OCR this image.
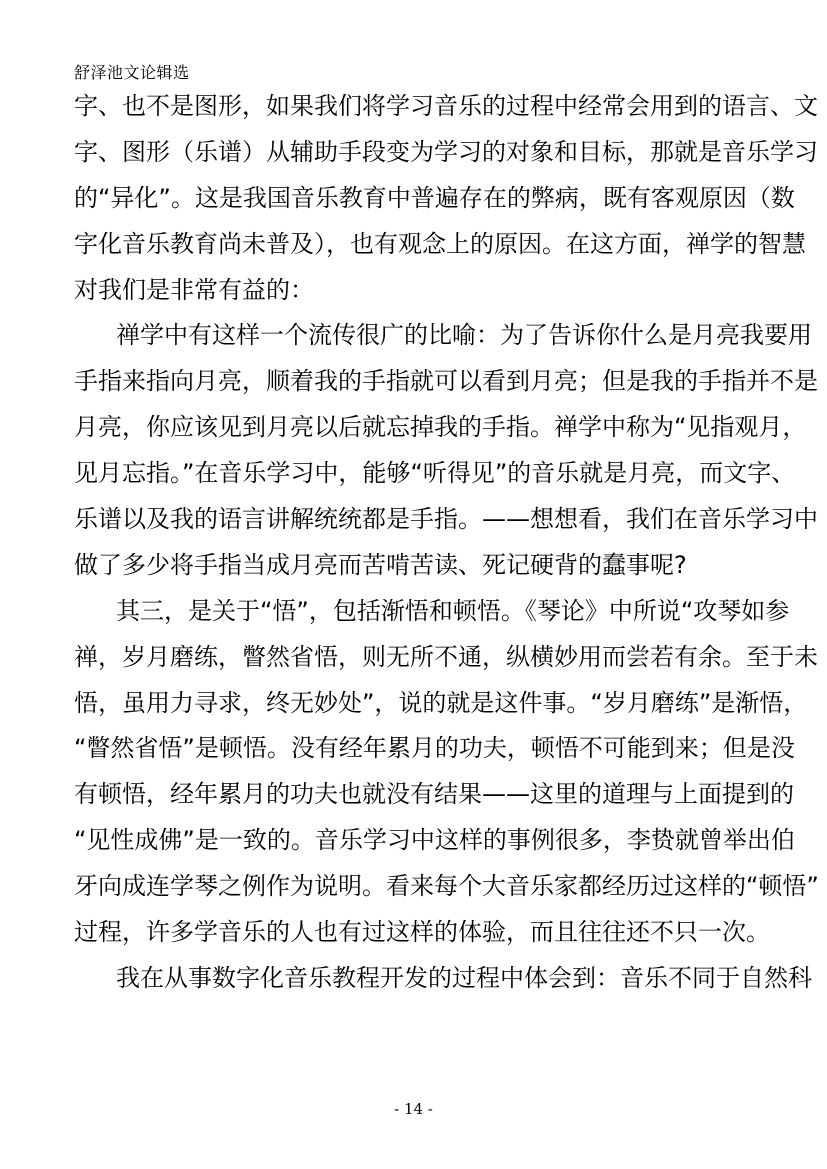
舒泽池文论辑选
字、也不是图形，如果我们将学习音乐的过程中经常会用到的语言、文
字、图形（乐谱）从辅助手段变为学习的对象和目标，那就是音乐学习
的“异化”。这是我国音乐教育中普遍存在的弊病，既有客观原因（数
字化音乐教育尚未普及），也有观念上的原因。在这方面，禅学的智慧
对我们是非常有益的：
禅学中有这样一个流传很广的比喻：为了告诉你什么是月亮我要用
手指来指向月亮，顺着我的手指就可以看到月亮；但是我的手指并不是
月亮，你应该见到月亮以后就忘掉我的手指。禅学中称为“见指观月，
见月忘指。”在音乐学习中，能够“听得见”的音乐就是月亮，而文字、
乐谱以及我的语言讲解统统都是手指。——想想看，我们在音乐学习中
做了多少将手指当成月亮而苦啃苦读、死记硬背的蠢事呢?
其三，是关于“悟”，包括渐悟和顿悟。《琴论》中所说“攻琴如参
禅，岁月磨练，瞥然省悟，则无所不通，纵横妙用而尝若有余。至于未
悟，虽用力寻求，终无妙处”，说的就是这件事。“岁月磨练”是渐悟，
“瞥然省悟”是顿悟。没有经年累月的功夫，顿悟不可能到来；但是没
有顿悟，经年累月的功夫也就没有结果——这里的道理与上面提到的
“见性成佛”是一致的。音乐学习中这样的事例很多，李贽就曾举出伯
牙向成连学琴之例作为说明。看来每个大音乐家都经历过这样的“顿悟”
过程，许多学音乐的人也有过这样的体验，而且往往还不只一次。
我在从事数字化音乐教程开发的过程中体会到：音乐不同于自然科
- 14 -
